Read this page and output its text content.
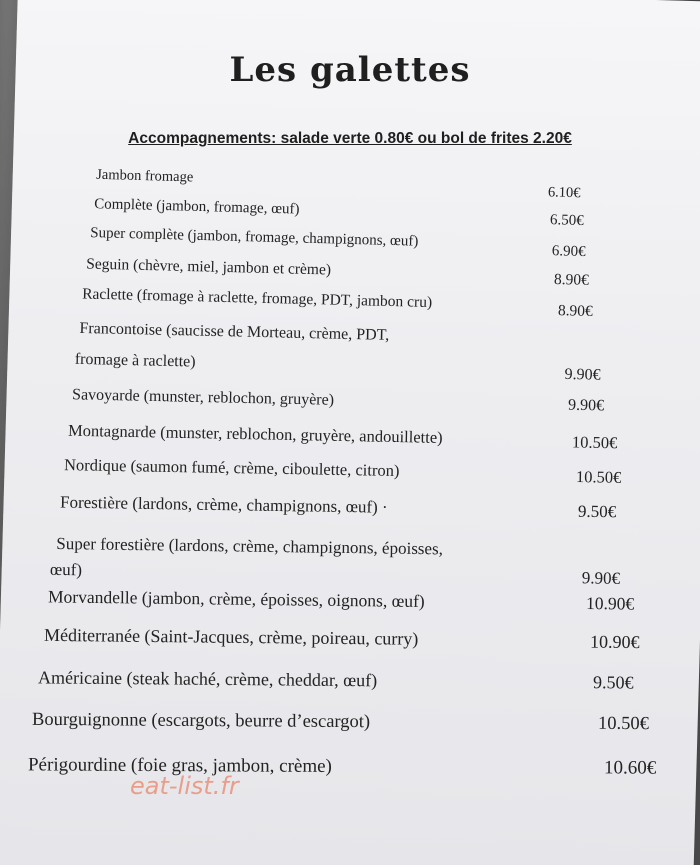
Les galettes
Accompagnements: salade verte 0.80€ ou bol de frites 2.20€
Jambon fromage
6.10€
Complète (jambon, fromage, œuf)
6.50€
Super complète (jambon, fromage, champignons, œuf)
6.90€
Seguin (chèvre, miel, jambon et crème)
8.90€
Raclette (fromage à raclette, fromage, PDT, jambon cru)
8.90€
Francontoise (saucisse de Morteau, crème, PDT,
fromage à raclette)
9.90€
Savoyarde (munster, reblochon, gruyère)	9.90€
Montagnarde (munster, reblochon, gruyère, andouillette)	10.50€
Nordique (saumon fumé, crème, ciboulette, citron)	10.50€
Forestière (lardons, crème, champignons, œuf) ·	9.50€
Super forestière (lardons, crème, champignons, époisses,
œuf)	9.90€
Morvandelle (jambon, crème, époisses, oignons, œuf)	10.90€
Méditerranée (Saint-Jacques, crème, poireau, curry)	10.90€
Américaine (steak haché, crème, cheddar, œuf)	9.50€
Bourguignonne (escargots, beurre d’escargot)	10.50€
Périgourdine (foie gras, jambon, crème)	10.60€
eat-list.fr
